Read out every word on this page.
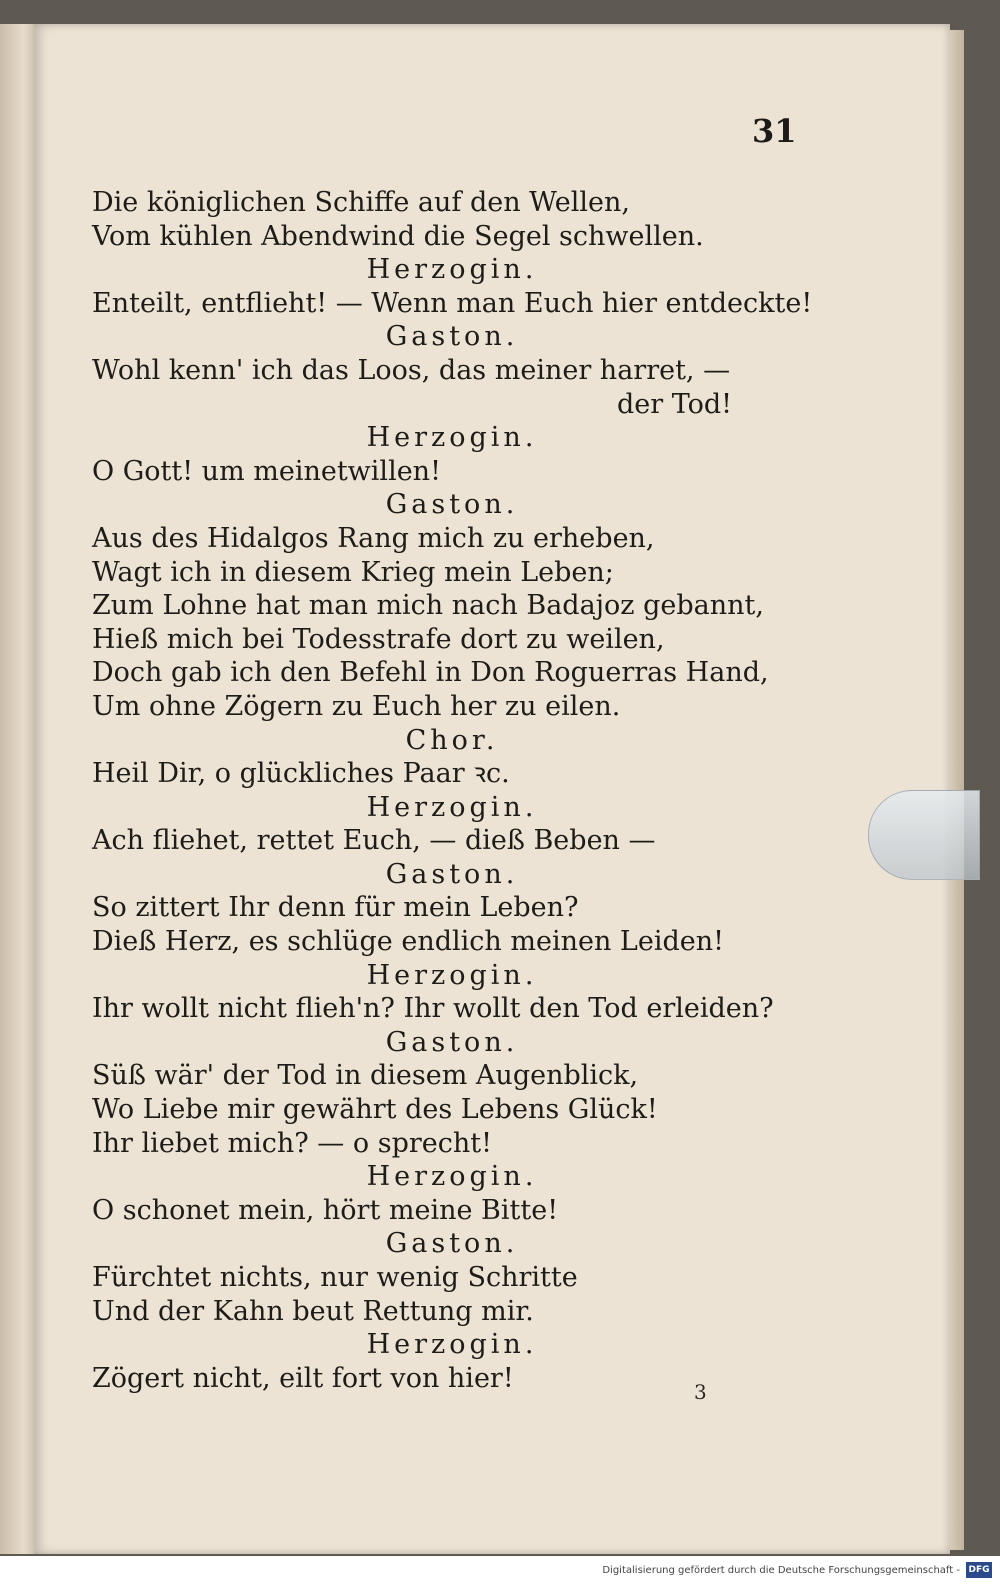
31
Die königlichen Schiffe auf den Wellen,
Vom kühlen Abendwind die Segel schwellen.
Herzogin.
Enteilt, entflieht! — Wenn man Euch hier entdeckte!
Gaston.
Wohl kenn' ich das Loos, das meiner harret, —
der Tod!
Herzogin.
O Gott! um meinetwillen!
Gaston.
Aus des Hidalgos Rang mich zu erheben,
Wagt ich in diesem Krieg mein Leben;
Zum Lohne hat man mich nach Badajoz gebannt,
Hieß mich bei Todesstrafe dort zu weilen,
Doch gab ich den Befehl in Don Roguerras Hand,
Um ohne Zögern zu Euch her zu eilen.
Chor.
Heil Dir, o glückliches Paar ꝛc.
Herzogin.
Ach fliehet, rettet Euch, — dieß Beben —
Gaston.
So zittert Ihr denn für mein Leben?
Dieß Herz, es schlüge endlich meinen Leiden!
Herzogin.
Ihr wollt nicht flieh'n? Ihr wollt den Tod erleiden?
Gaston.
Süß wär' der Tod in diesem Augenblick,
Wo Liebe mir gewährt des Lebens Glück!
Ihr liebet mich? — o sprecht!
Herzogin.
O schonet mein, hört meine Bitte!
Gaston.
Fürchtet nichts, nur wenig Schritte
Und der Kahn beut Rettung mir.
Herzogin.
Zögert nicht, eilt fort von hier!	3
Digitalisierung gefördert durch die Deutsche Forschungsgemeinschaft - DFG
